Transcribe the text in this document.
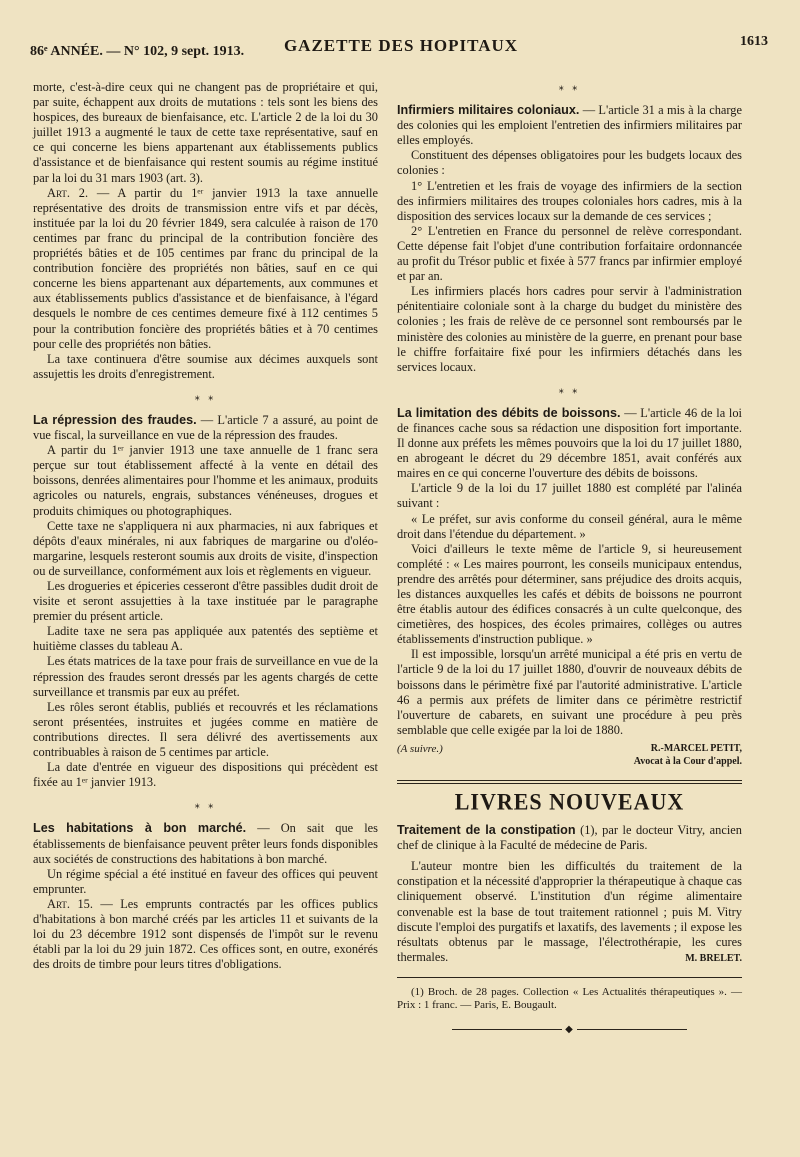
86ᵉ ANNÉE. — N° 102, 9 sept. 1913.	GAZETTE DES HOPITAUX	1613

morte, c'est-à-dire ceux qui ne changent pas de propriétaire et qui, par suite, échappent aux droits de mutations : tels sont les biens des hospices, des bureaux de bienfaisance, etc. L'article 2 de la loi du 30 juillet 1913 a augmenté le taux de cette taxe représentative, sauf en ce qui concerne les biens appartenant aux établissements publics d'assistance et de bienfaisance qui restent soumis au régime institué par la loi du 31 mars 1903 (art. 3).

Art. 2. — A partir du 1ᵉʳ janvier 1913 la taxe annuelle représentative des droits de transmission entre vifs et par décès, instituée par la loi du 20 février 1849, sera calculée à raison de 170 centimes par franc du principal de la contribution foncière des propriétés bâties et de 105 centimes par franc du principal de la contribution foncière des propriétés non bâties, sauf en ce qui concerne les biens appartenant aux départements, aux communes et aux établissements publics d'assistance et de bienfaisance, à l'égard desquels le nombre de ces centimes demeure fixé à 112 centimes 5 pour la contribution foncière des propriétés bâties et à 70 centimes pour celle des propriétés non bâties.

La taxe continuera d'être soumise aux décimes auxquels sont assujettis les droits d'enregistrement.

⁎ ⁎

La répression des fraudes. — L'article 7 a assuré, au point de vue fiscal, la surveillance en vue de la répression des fraudes.

A partir du 1ᵉʳ janvier 1913 une taxe annuelle de 1 franc sera perçue sur tout établissement affecté à la vente en détail des boissons, denrées alimentaires pour l'homme et les animaux, produits agricoles ou naturels, engrais, substances vénéneuses, drogues et produits chimiques ou photographiques.

Cette taxe ne s'appliquera ni aux pharmacies, ni aux fabriques et dépôts d'eaux minérales, ni aux fabriques de margarine ou d'oléo-margarine, lesquels resteront soumis aux droits de visite, d'inspection ou de surveillance, conformément aux lois et règlements en vigueur.

Les drogueries et épiceries cesseront d'être passibles dudit droit de visite et seront assujetties à la taxe instituée par le paragraphe premier du présent article.

Ladite taxe ne sera pas appliquée aux patentés des septième et huitième classes du tableau A.

Les états matrices de la taxe pour frais de surveillance en vue de la répression des fraudes seront dressés par les agents chargés de cette surveillance et transmis par eux au préfet.

Les rôles seront établis, publiés et recouvrés et les réclamations seront présentées, instruites et jugées comme en matière de contributions directes. Il sera délivré des avertissements aux contribuables à raison de 5 centimes par article.

La date d'entrée en vigueur des dispositions qui précèdent est fixée au 1ᵉʳ janvier 1913.

⁎ ⁎

Les habitations à bon marché. — On sait que les établissements de bienfaisance peuvent prêter leurs fonds disponibles aux sociétés de constructions des habitations à bon marché.

Un régime spécial a été institué en faveur des offices qui peuvent emprunter.

Art. 15. — Les emprunts contractés par les offices publics d'habitations à bon marché créés par les articles 11 et suivants de la loi du 23 décembre 1912 sont dispensés de l'impôt sur le revenu établi par la loi du 29 juin 1872. Ces offices sont, en outre, exonérés des droits de timbre pour leurs titres d'obligations.

⁎ ⁎

Infirmiers militaires coloniaux. — L'article 31 a mis à la charge des colonies qui les emploient l'entretien des infirmiers militaires par elles employés.

Constituent des dépenses obligatoires pour les budgets locaux des colonies :

1° L'entretien et les frais de voyage des infirmiers de la section des infirmiers militaires des troupes coloniales hors cadres, mis à la disposition des services locaux sur la demande de ces services ;

2° L'entretien en France du personnel de relève correspondant. Cette dépense fait l'objet d'une contribution forfaitaire ordonnancée au profit du Trésor public et fixée à 577 francs par infirmier employé et par an.

Les infirmiers placés hors cadres pour servir à l'administration pénitentiaire coloniale sont à la charge du budget du ministère des colonies ; les frais de relève de ce personnel sont remboursés par le ministère des colonies au ministère de la guerre, en prenant pour base le chiffre forfaitaire fixé pour les infirmiers détachés dans les services locaux.

⁎ ⁎

La limitation des débits de boissons. — L'article 46 de la loi de finances cache sous sa rédaction une disposition fort importante. Il donne aux préfets les mêmes pouvoirs que la loi du 17 juillet 1880, en abrogeant le décret du 29 décembre 1851, avait conférés aux maires en ce qui concerne l'ouverture des débits de boissons.

L'article 9 de la loi du 17 juillet 1880 est complété par l'alinéa suivant :

« Le préfet, sur avis conforme du conseil général, aura le même droit dans l'étendue du département. »

Voici d'ailleurs le texte même de l'article 9, si heureusement complété : « Les maires pourront, les conseils municipaux entendus, prendre des arrêtés pour déterminer, sans préjudice des droits acquis, les distances auxquelles les cafés et débits de boissons ne pourront être établis autour des édifices consacrés à un culte quelconque, des cimetières, des hospices, des écoles primaires, collèges ou autres établissements d'instruction publique. »

Il est impossible, lorsqu'un arrêté municipal a été pris en vertu de l'article 9 de la loi du 17 juillet 1880, d'ouvrir de nouveaux débits de boissons dans le périmètre fixé par l'autorité administrative. L'article 46 a permis aux préfets de limiter dans ce périmètre restrictif l'ouverture de cabarets, en suivant une procédure à peu près semblable que celle exigée par la loi de 1880.

(A suivre.)	R.-MARCEL PETIT,
Avocat à la Cour d'appel.
LIVRES NOUVEAUX

Traitement de la constipation (1), par le docteur Vitry, ancien chef de clinique à la Faculté de médecine de Paris.

L'auteur montre bien les difficultés du traitement de la constipation et la nécessité d'approprier la thérapeutique à chaque cas cliniquement observé. L'institution d'un régime alimentaire convenable est la base de tout traitement rationnel ; puis M. Vitry discute l'emploi des purgatifs et laxatifs, des lavements ; il expose les résultats obtenus par le massage, l'électrothérapie, les cures thermales.	M. BRELET.

(1) Broch. de 28 pages. Collection « Les Actualités thérapeutiques ». — Prix : 1 franc. — Paris, E. Bougault.

◆
